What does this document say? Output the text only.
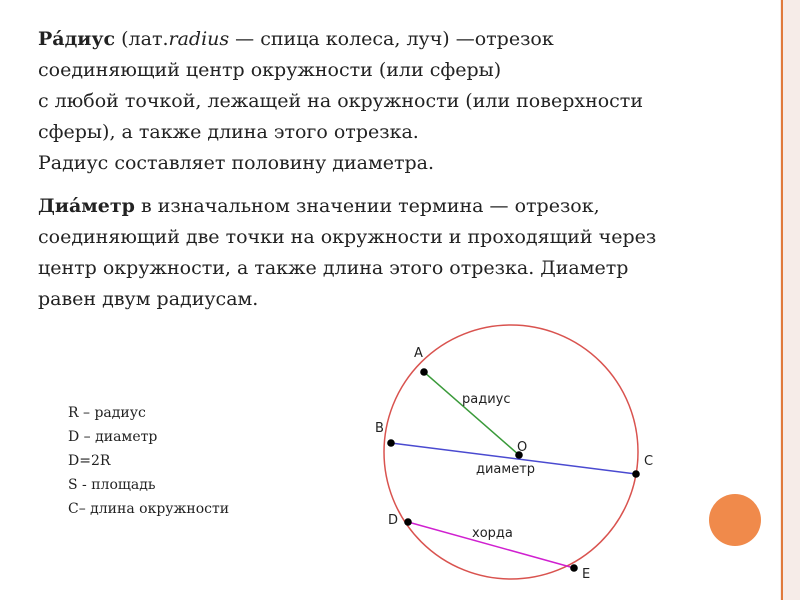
Ра́диус (лат.radius — спица колеса, луч) —отрезок
соединяющий центр окружности (или сферы)
с любой точкой, лежащей на окружности (или поверхности
сферы), а также длина этого отрезка.
Радиус составляет половину диаметра.

Диа́метр в изначальном значении термина — отрезок,
соединяющий две точки на окружности и проходящий через
центр окружности, а также длина этого отрезка. Диаметр
равен двум радиусам.

A
B
O
C
D
E
радиус
диаметр
хорда
R – радиус
D – диаметр
D=2R
S - площадь
C– длина окружности
